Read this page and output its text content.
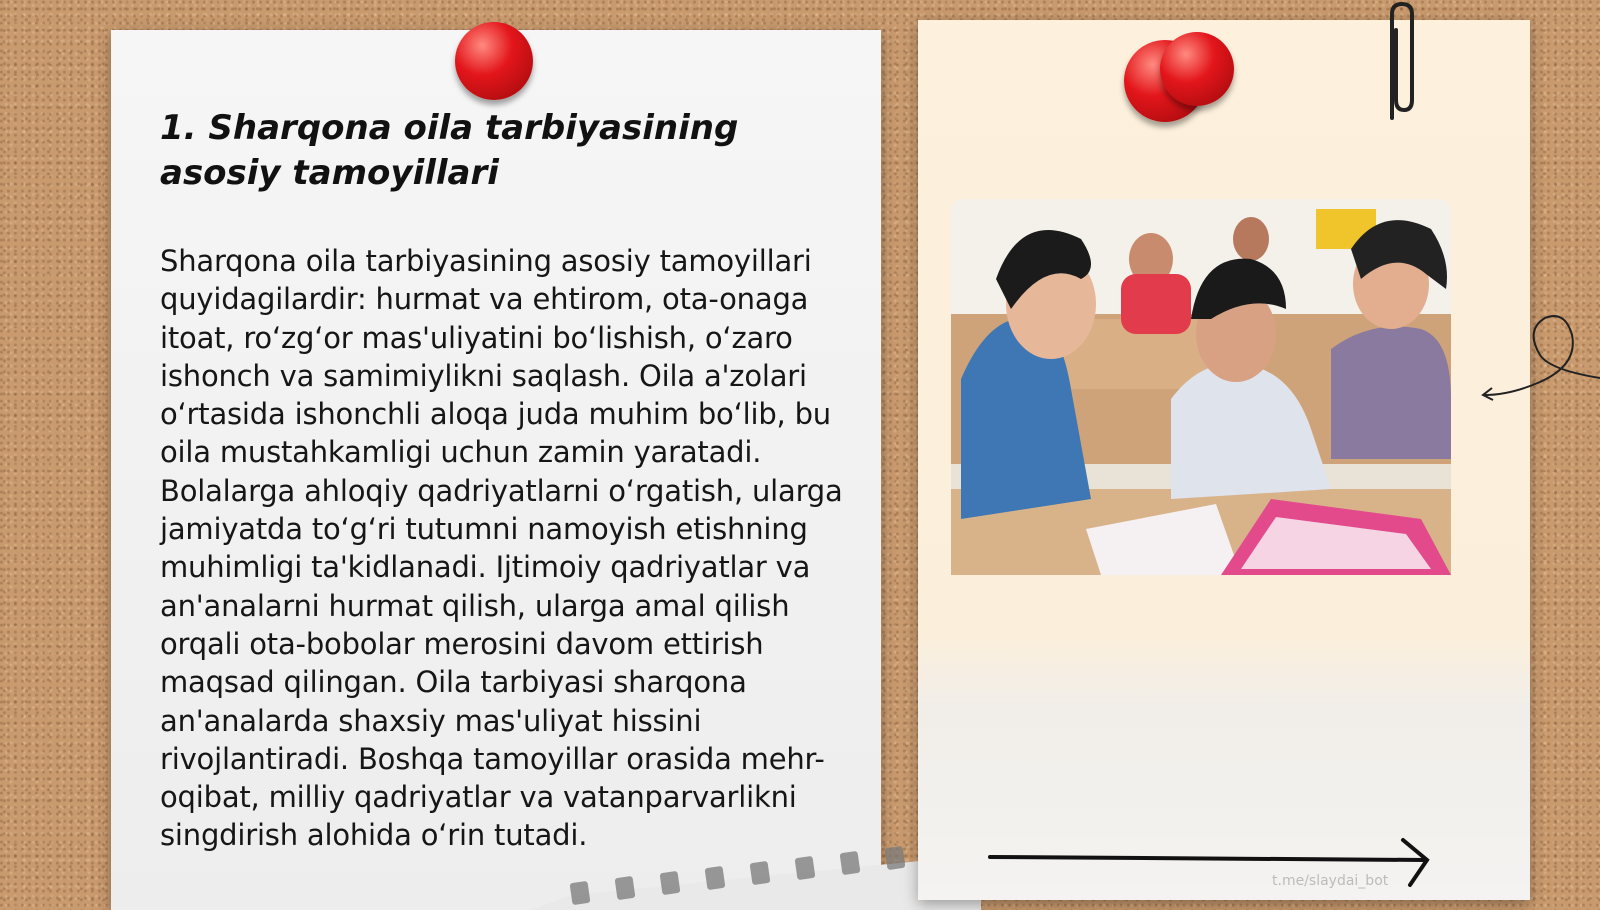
1. Sharqona oila tarbiyasining asosiy tamoyillari

Sharqona oila tarbiyasining asosiy tamoyillari quyidagilardir: hurmat va ehtirom, ota-onaga itoat, ro‘zg‘or mas'uliyatini bo‘lishish, o‘zaro ishonch va samimiylikni saqlash. Oila a'zolari o‘rtasida ishonchli aloqa juda muhim bo‘lib, bu oila mustahkamligi uchun zamin yaratadi. Bolalarga ahloqiy qadriyatlarni o‘rgatish, ularga jamiyatda to‘g‘ri tutumni namoyish etishning muhimligi ta'kidlanadi. Ijtimoiy qadriyatlar va an'analarni hurmat qilish, ularga amal qilish orqali ota-bobolar merosini davom ettirish maqsad qilingan. Oila tarbiyasi sharqona an'analarda shaxsiy mas'uliyat hissini rivojlantiradi. Boshqa tamoyillar orasida mehr-oqibat, milliy qadriyatlar va vatanparvarlikni singdirish alohida o‘rin tutadi.

t.me/slaydai_bot
